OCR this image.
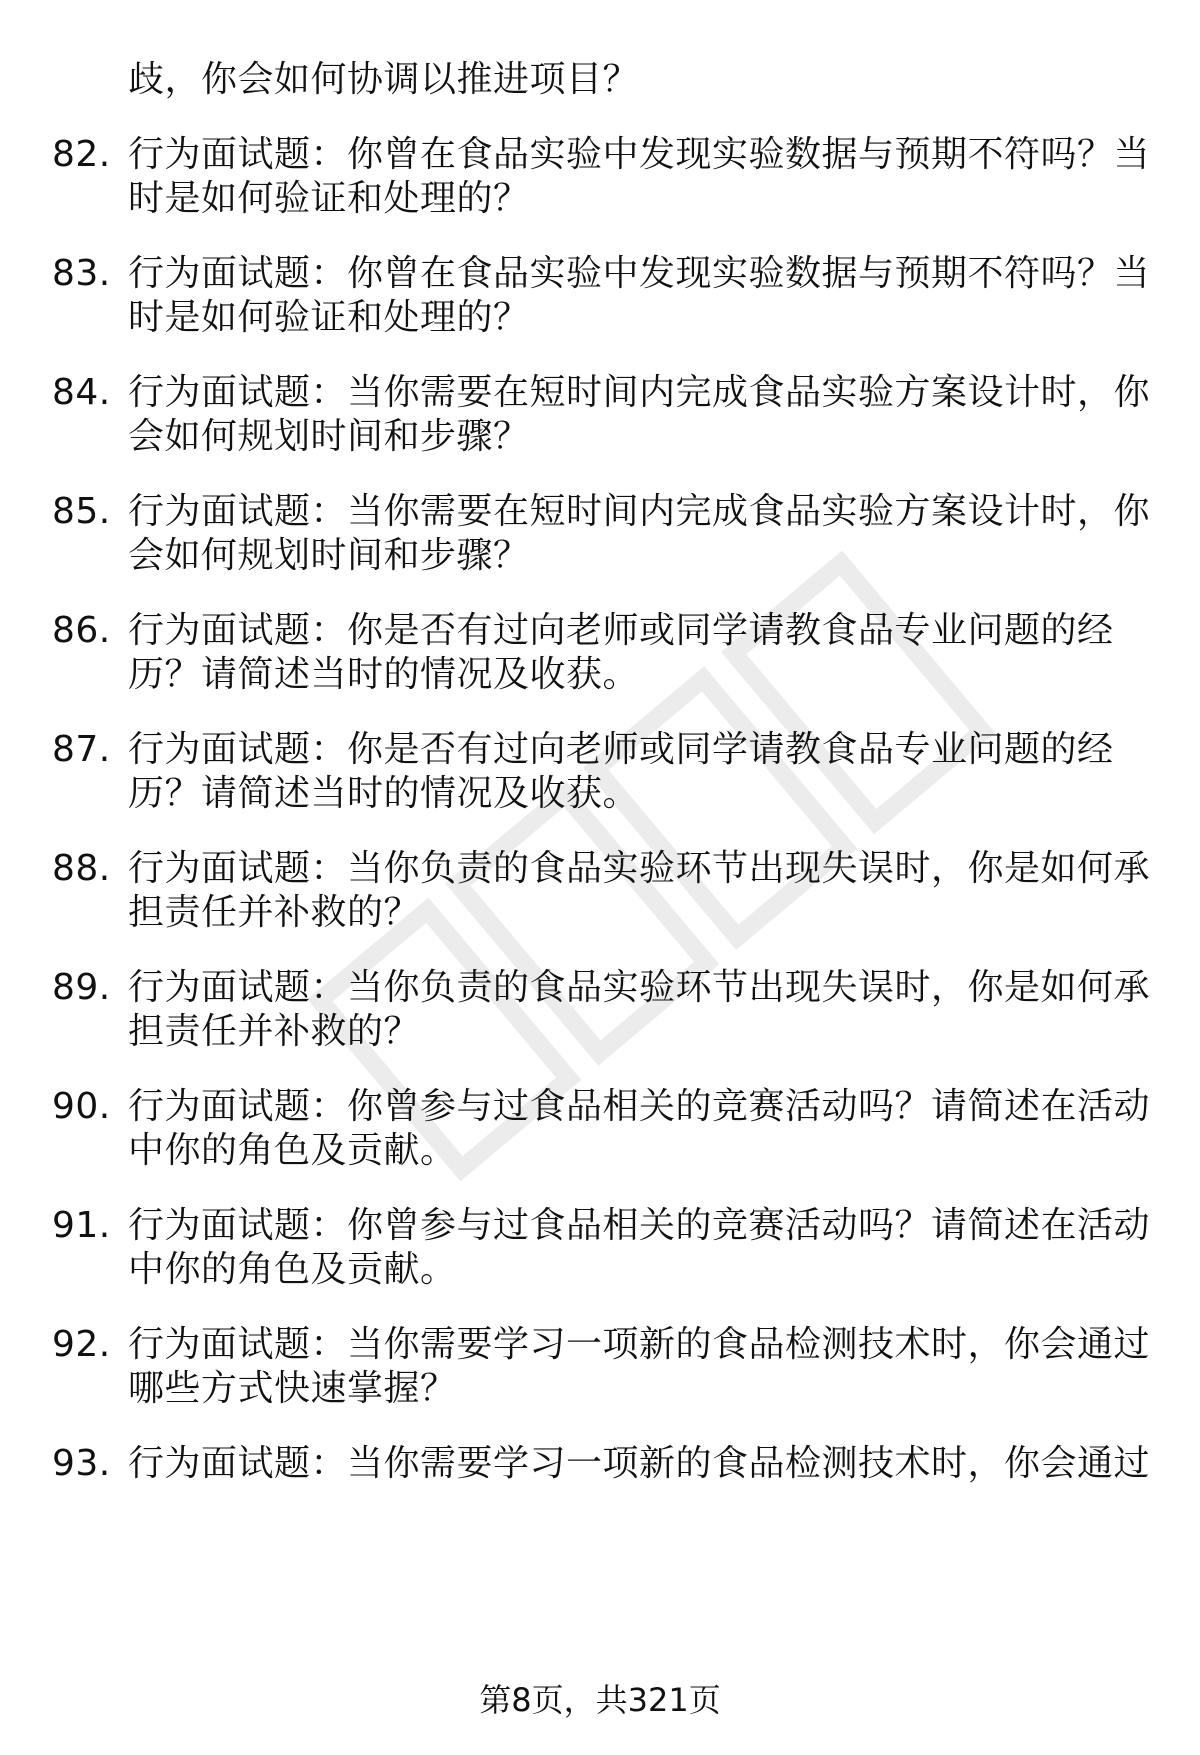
歧，你会如何协调以推进项目？
82. 行为面试题：你曾在食品实验中发现实验数据与预期不符吗？当
时是如何验证和处理的？
83. 行为面试题：你曾在食品实验中发现实验数据与预期不符吗？当
时是如何验证和处理的？
84. 行为面试题：当你需要在短时间内完成食品实验方案设计时，你
会如何规划时间和步骤？
85. 行为面试题：当你需要在短时间内完成食品实验方案设计时，你
会如何规划时间和步骤？
86. 行为面试题：你是否有过向老师或同学请教食品专业问题的经
历？请简述当时的情况及收获。
87. 行为面试题：你是否有过向老师或同学请教食品专业问题的经
历？请简述当时的情况及收获。
88. 行为面试题：当你负责的食品实验环节出现失误时，你是如何承
担责任并补救的？
89. 行为面试题：当你负责的食品实验环节出现失误时，你是如何承
担责任并补救的？
90. 行为面试题：你曾参与过食品相关的竞赛活动吗？请简述在活动
中你的角色及贡献。
91. 行为面试题：你曾参与过食品相关的竞赛活动吗？请简述在活动
中你的角色及贡献。
92. 行为面试题：当你需要学习一项新的食品检测技术时，你会通过
哪些方式快速掌握？
93. 行为面试题：当你需要学习一项新的食品检测技术时，你会通过
第8页，共321页
